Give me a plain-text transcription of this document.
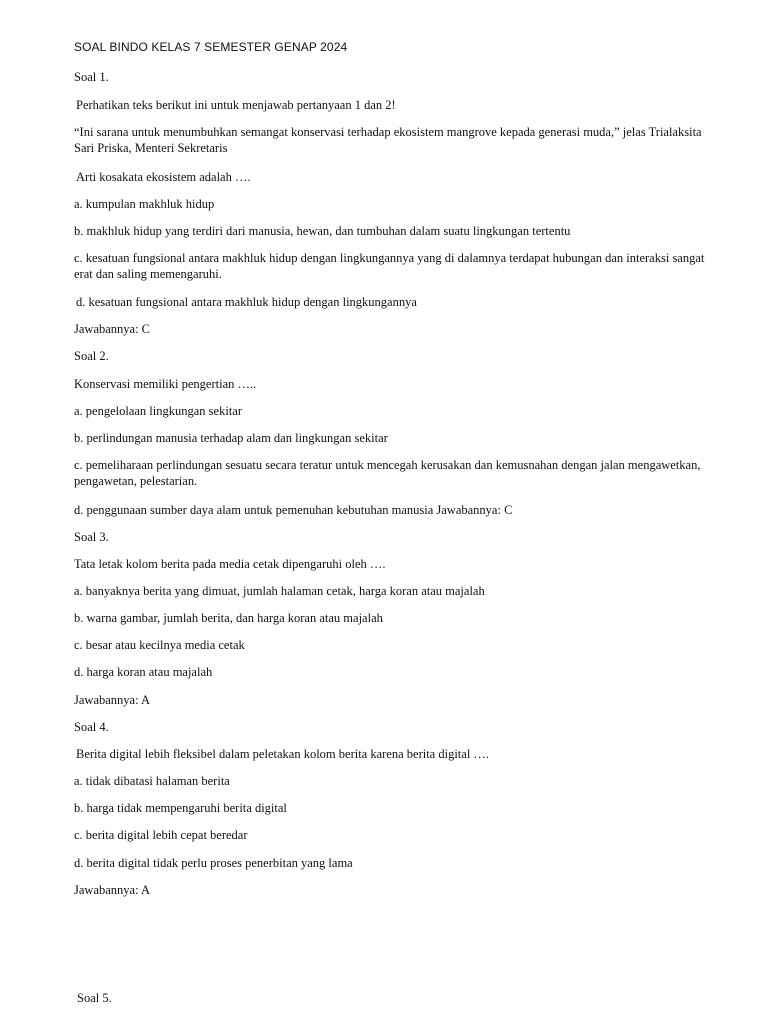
SOAL BINDO KELAS 7 SEMESTER GENAP 2024
Soal 1.
Perhatikan teks berikut ini untuk menjawab pertanyaan 1 dan 2!
“Ini sarana untuk menumbuhkan semangat konservasi terhadap ekosistem mangrove kepada generasi muda,” jelas Trialaksita Sari Priska, Menteri Sekretaris
Arti kosakata ekosistem adalah ….
a. kumpulan makhluk hidup
b. makhluk hidup yang terdiri dari manusia, hewan, dan tumbuhan dalam suatu lingkungan tertentu
c. kesatuan fungsional antara makhluk hidup dengan lingkungannya yang di dalamnya terdapat hubungan dan interaksi sangat erat dan saling memengaruhi.
d. kesatuan fungsional antara makhluk hidup dengan lingkungannya
Jawabannya: C
Soal 2.
Konservasi memiliki pengertian …..
a. pengelolaan lingkungan sekitar
b. perlindungan manusia terhadap alam dan lingkungan sekitar
c. pemeliharaan perlindungan sesuatu secara teratur untuk mencegah kerusakan dan kemusnahan dengan jalan mengawetkan, pengawetan, pelestarian.
d. penggunaan sumber daya alam untuk pemenuhan kebutuhan manusia Jawabannya: C
Soal 3.
Tata letak kolom berita pada media cetak dipengaruhi oleh ….
a. banyaknya berita yang dimuat, jumlah halaman cetak, harga koran atau majalah
b. warna gambar, jumlah berita, dan harga koran atau majalah
c. besar atau kecilnya media cetak
d. harga koran atau majalah
Jawabannya: A
Soal 4.
Berita digital lebih fleksibel dalam peletakan kolom berita karena berita digital ….
a. tidak dibatasi halaman berita
b. harga tidak mempengaruhi berita digital
c. berita digital lebih cepat beredar
d. berita digital tidak perlu proses penerbitan yang lama
Jawabannya: A
Soal 5.
